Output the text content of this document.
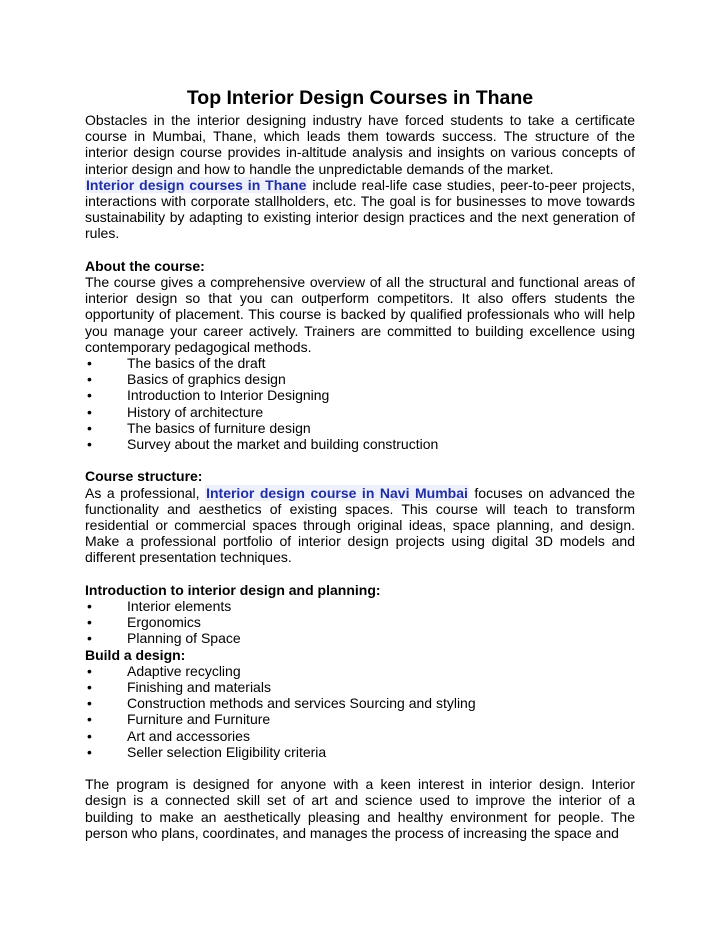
Top Interior Design Courses in Thane

Obstacles in the interior designing industry have forced students to take a certificate course in Mumbai, Thane, which leads them towards success. The structure of the interior design course provides in-altitude analysis and insights on various concepts of interior design and how to handle the unpredictable demands of the market.

Interior design courses in Thane include real-life case studies, peer-to-peer projects, interactions with corporate stallholders, etc. The goal is for businesses to move towards sustainability by adapting to existing interior design practices and the next generation of rules.

About the course:

The course gives a comprehensive overview of all the structural and functional areas of interior design so that you can outperform competitors. It also offers students the opportunity of placement. This course is backed by qualified professionals who will help you manage your career actively. Trainers are committed to building excellence using contemporary pedagogical methods.

•	The basics of the draft
•	Basics of graphics design
•	Introduction to Interior Designing
•	History of architecture
•	The basics of furniture design
•	Survey about the market and building construction

Course structure:

As a professional, Interior design course in Navi Mumbai focuses on advanced the functionality and aesthetics of existing spaces. This course will teach to transform residential or commercial spaces through original ideas, space planning, and design. Make a professional portfolio of interior design projects using digital 3D models and different presentation techniques.

Introduction to interior design and planning:

•	Interior elements
•	Ergonomics
•	Planning of Space

Build a design:

•	Adaptive recycling
•	Finishing and materials
•	Construction methods and services Sourcing and styling
•	Furniture and Furniture
•	Art and accessories
•	Seller selection Eligibility criteria

The program is designed for anyone with a keen interest in interior design. Interior design is a connected skill set of art and science used to improve the interior of a building to make an aesthetically pleasing and healthy environment for people. The person who plans, coordinates, and manages the process of increasing the space and
